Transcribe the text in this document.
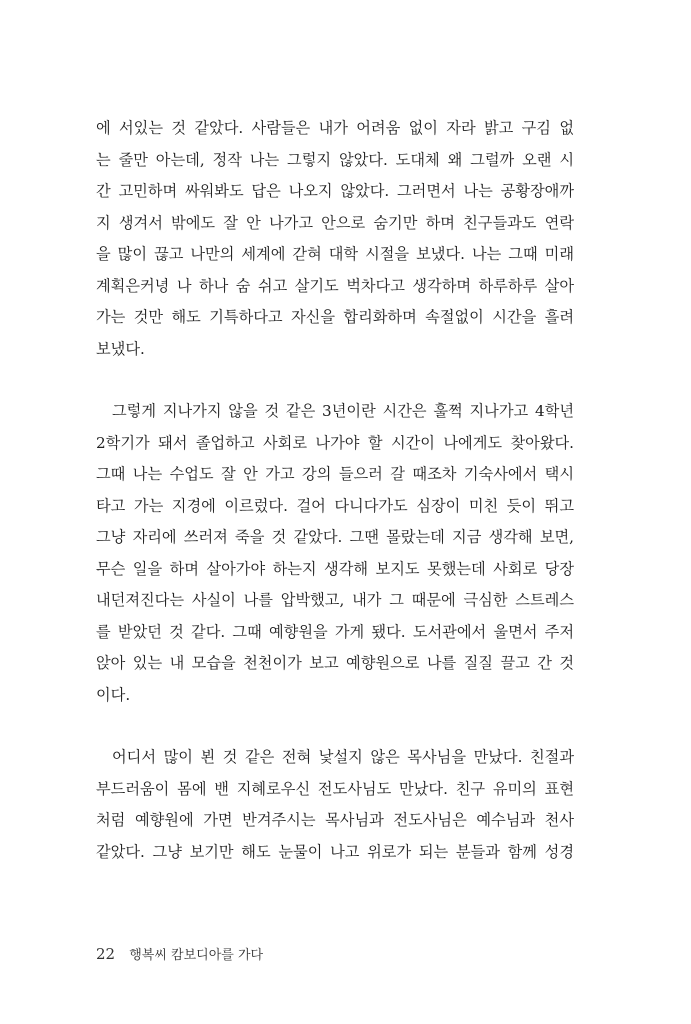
에 서있는 것 같았다. 사람들은 내가 어려움 없이 자라 밝고 구김 없
는 줄만 아는데, 정작 나는 그렇지 않았다. 도대체 왜 그럴까 오랜 시
간 고민하며 싸워봐도 답은 나오지 않았다. 그러면서 나는 공황장애까
지 생겨서 밖에도 잘 안 나가고 안으로 숨기만 하며 친구들과도 연락
을 많이 끊고 나만의 세계에 갇혀 대학 시절을 보냈다. 나는 그때 미래
계획은커녕 나 하나 숨 쉬고 살기도 벅차다고 생각하며 하루하루 살아
가는 것만 해도 기특하다고 자신을 합리화하며 속절없이 시간을 흘려
보냈다.

그렇게 지나가지 않을 것 같은 3년이란 시간은 훌쩍 지나가고 4학년
2학기가 돼서 졸업하고 사회로 나가야 할 시간이 나에게도 찾아왔다.
그때 나는 수업도 잘 안 가고 강의 들으러 갈 때조차 기숙사에서 택시
타고 가는 지경에 이르렀다. 걸어 다니다가도 심장이 미친 듯이 뛰고
그냥 자리에 쓰러져 죽을 것 같았다. 그땐 몰랐는데 지금 생각해 보면,
무슨 일을 하며 살아가야 하는지 생각해 보지도 못했는데 사회로 당장
내던져진다는 사실이 나를 압박했고, 내가 그 때문에 극심한 스트레스
를 받았던 것 같다. 그때 예향원을 가게 됐다. 도서관에서 울면서 주저
앉아 있는 내 모습을 천천이가 보고 예향원으로 나를 질질 끌고 간 것
이다.

어디서 많이 뵌 것 같은 전혀 낯설지 않은 목사님을 만났다. 친절과
부드러움이 몸에 밴 지혜로우신 전도사님도 만났다. 친구 유미의 표현
처럼 예향원에 가면 반겨주시는 목사님과 전도사님은 예수님과 천사
같았다. 그냥 보기만 해도 눈물이 나고 위로가 되는 분들과 함께 성경

22 행복씨 캄보디아를 가다
